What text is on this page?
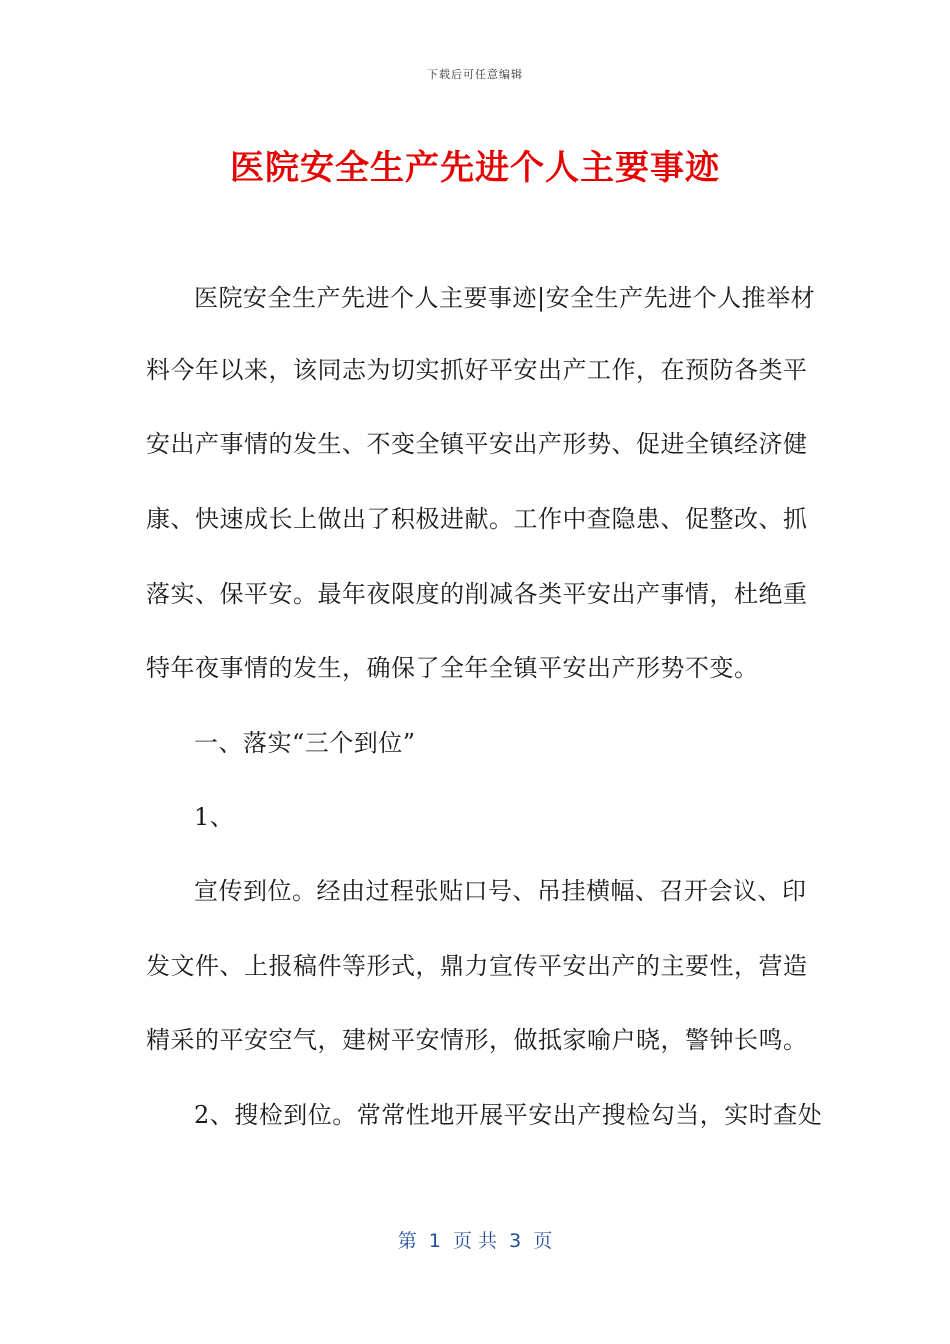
下载后可任意编辑
医院安全生产先进个人主要事迹
医院安全生产先进个人主要事迹|安全生产先进个人推举材
料今年以来，该同志为切实抓好平安出产工作，在预防各类平
安出产事情的发生、不变全镇平安出产形势、促进全镇经济健
康、快速成长上做出了积极进献。工作中查隐患、促整改、抓
落实、保平安。最年夜限度的削减各类平安出产事情，杜绝重
特年夜事情的发生，确保了全年全镇平安出产形势不变。
一、落实“三个到位”
1、
宣传到位。经由过程张贴口号、吊挂横幅、召开会议、印
发文件、上报稿件等形式，鼎力宣传平安出产的主要性，营造
精采的平安空气，建树平安情形，做抵家喻户晓，警钟长鸣。
2、搜检到位。常常性地开展平安出产搜检勾当，实时查处
第  1  页 共  3  页
